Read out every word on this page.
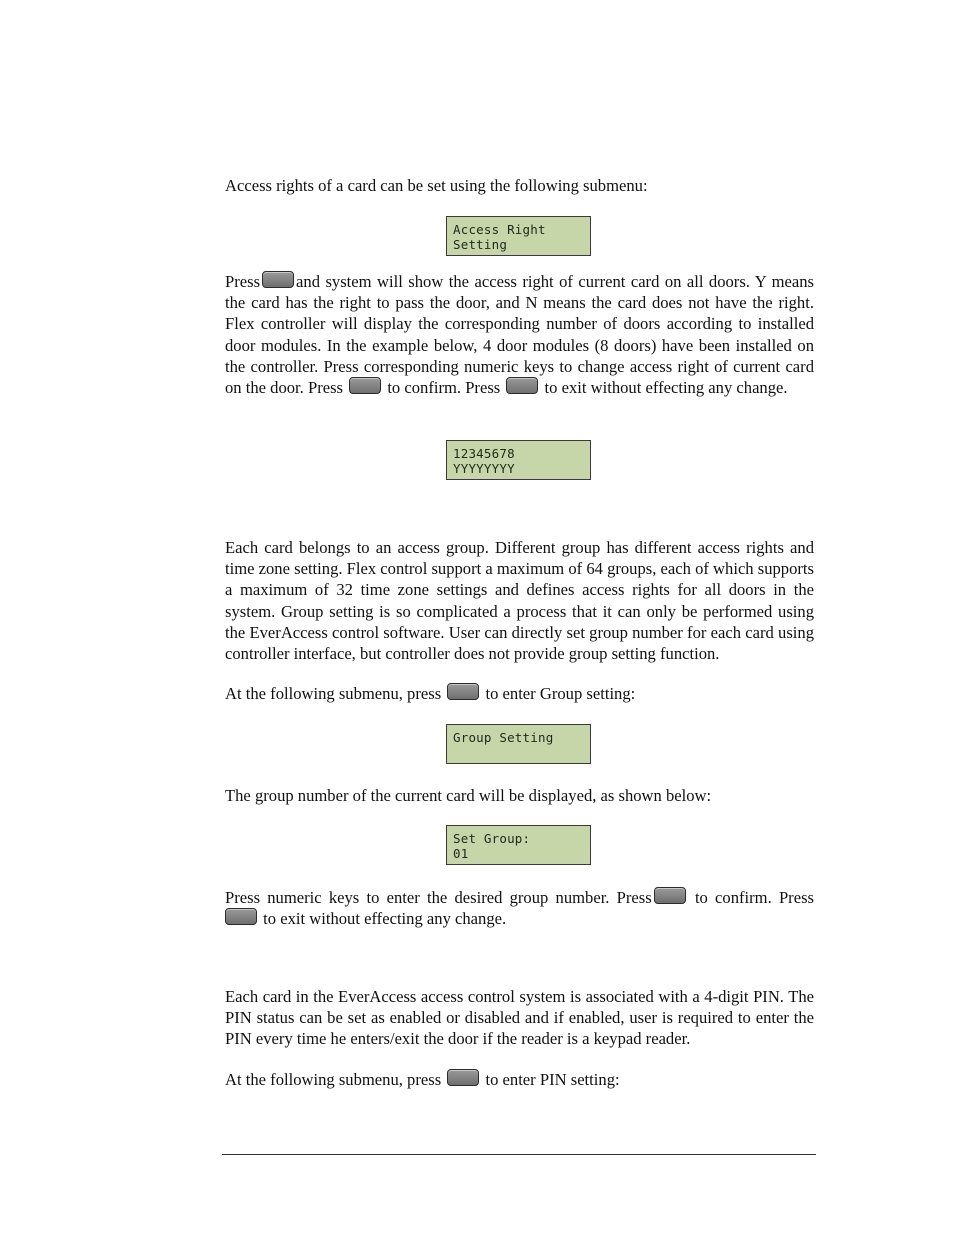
Access rights of a card can be set using the following submenu:

Access Right
Setting

Press and system will show the access right of current card on all doors. Y means the card has the right to pass the door, and N means the card does not have the right. Flex controller will display the corresponding number of doors according to installed door modules. In the example below, 4 door modules (8 doors) have been installed on the controller. Press corresponding numeric keys to change access right of current card on the door. Press	to confirm. Press	to exit without effecting any change.

12345678
YYYYYYYY

Each card belongs to an access group. Different group has different access rights and time zone setting. Flex control support a maximum of 64 groups, each of which supports a maximum of 32 time zone settings and defines access rights for all doors in the system. Group setting is so complicated a process that it can only be performed using the EverAccess control software. User can directly set group number for each card using controller interface, but controller does not provide group setting function.

At the following submenu, press	to enter Group setting:

Group Setting

The group number of the current card will be displayed, as shown below:

Set Group:
01

Press numeric keys to enter the desired group number. Press	to confirm. Press  to exit without effecting any change.

Each card in the EverAccess access control system is associated with a 4-digit PIN. The PIN status can be set as enabled or disabled and if enabled, user is required to enter the PIN every time he enters/exit the door if the reader is a keypad reader.

At the following submenu, press	to enter PIN setting:
